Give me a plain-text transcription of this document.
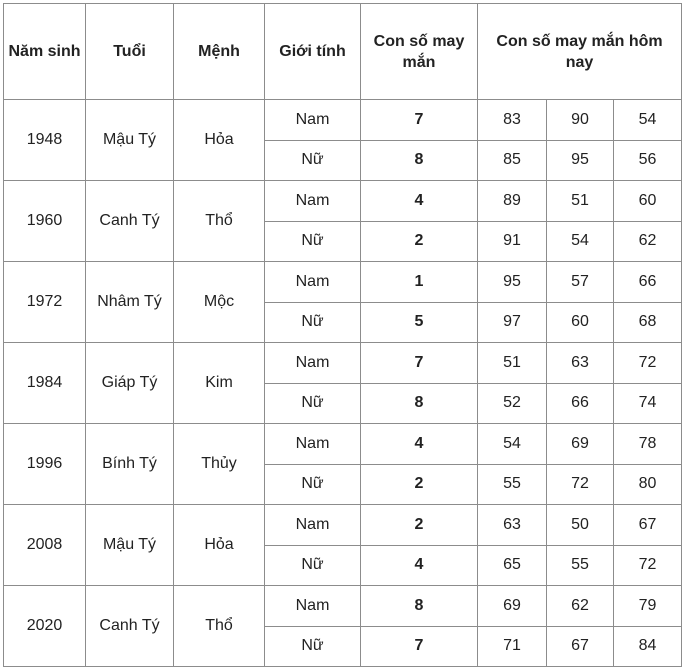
Năm sinh	Tuổi	Mệnh	Giới tính	Con số may mắn	Con số may mắn hôm nay		
1948	Mậu Tý	Hỏa	Nam	7	83	90	54
			Nữ	8	85	95	56
1960	Canh Tý	Thổ	Nam	4	89	51	60
			Nữ	2	91	54	62
1972	Nhâm Tý	Mộc	Nam	1	95	57	66
			Nữ	5	97	60	68
1984	Giáp Tý	Kim	Nam	7	51	63	72
			Nữ	8	52	66	74
1996	Bính Tý	Thủy	Nam	4	54	69	78
			Nữ	2	55	72	80
2008	Mậu Tý	Hỏa	Nam	2	63	50	67
			Nữ	4	65	55	72
2020	Canh Tý	Thổ	Nam	8	69	62	79
			Nữ	7	71	67	84
